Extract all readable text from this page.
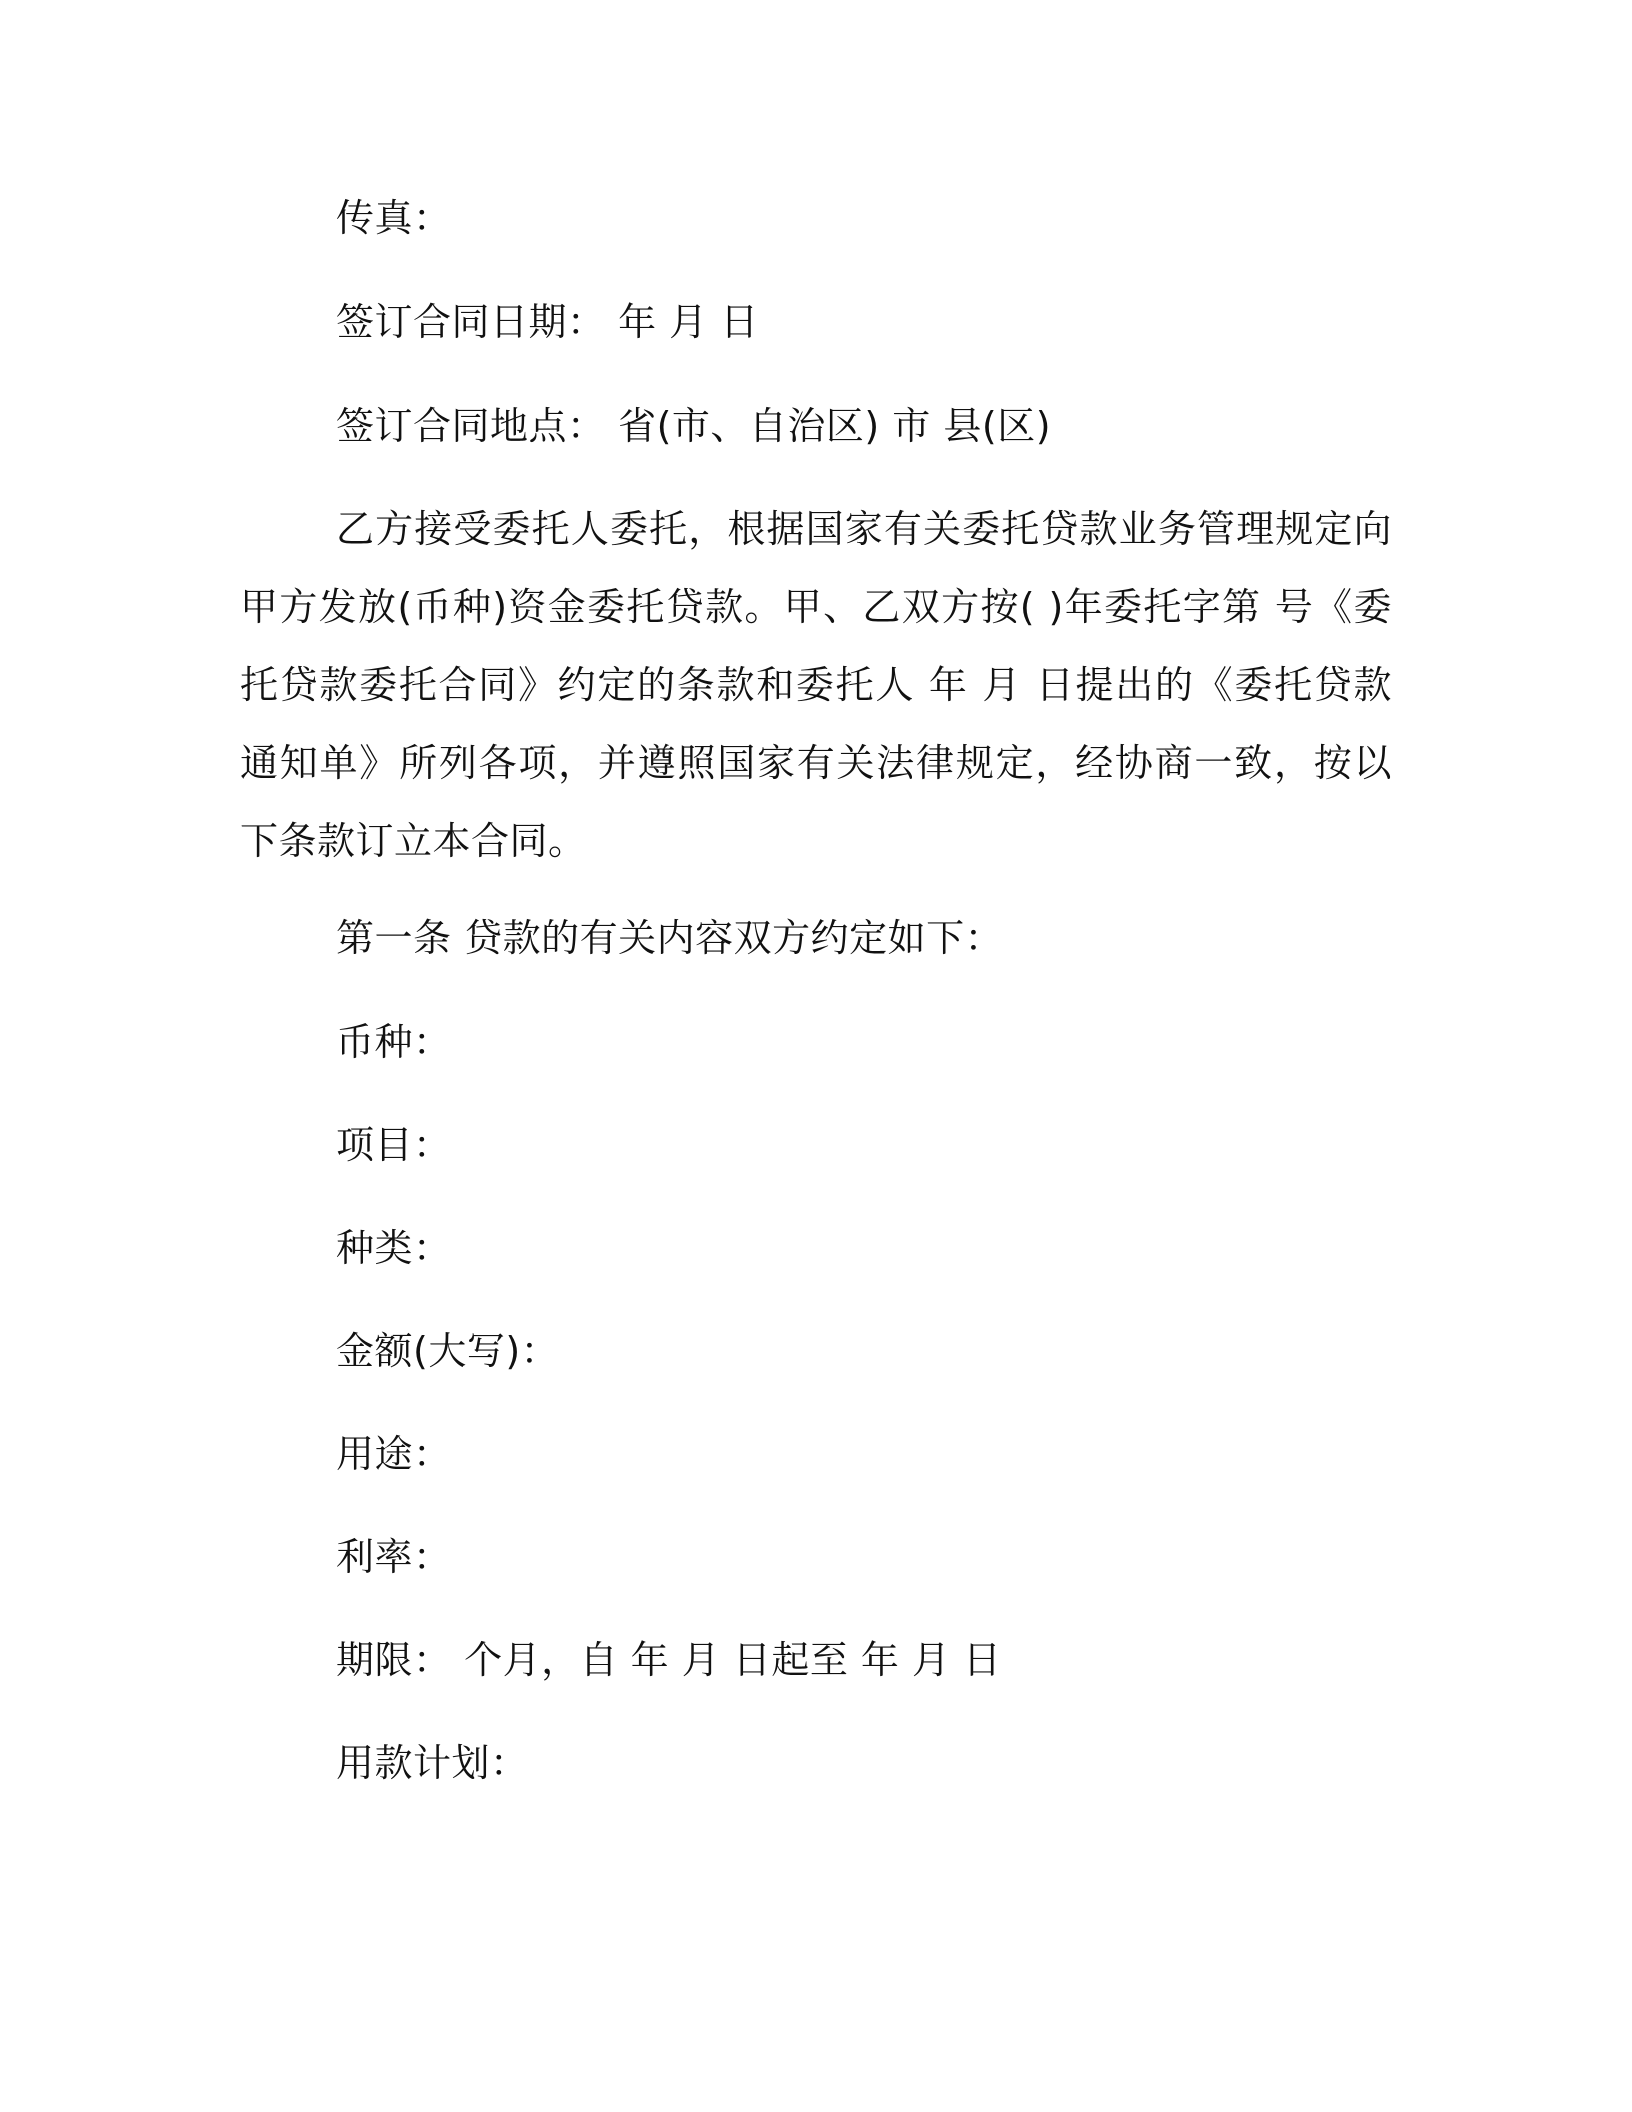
传真：
签订合同日期： 年 月 日
签订合同地点： 省(市、自治区) 市 县(区)
乙方接受委托人委托，根据国家有关委托贷款业务管理规定向甲方发放(币种)资金委托贷款。甲、乙双方按( )年委托字第 号《委托贷款委托合同》约定的条款和委托人 年 月 日提出的《委托贷款通知单》所列各项，并遵照国家有关法律规定，经协商一致，按以下条款订立本合同。
第一条 贷款的有关内容双方约定如下：
币种：
项目：
种类：
金额(大写)：
用途：
利率：
期限： 个月，自 年 月 日起至 年 月 日
用款计划：
